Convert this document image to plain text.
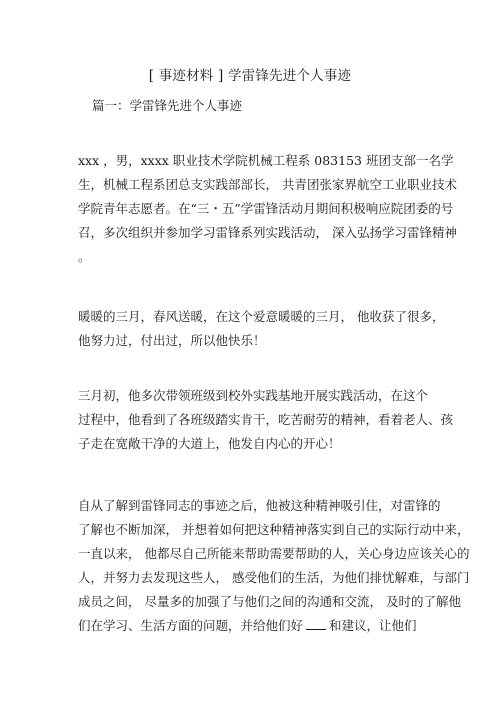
[ 事迹材料 ] 学雷锋先进个人事迹
篇一：学雷锋先进个人事迹
xxx ，男，xxxx 职业技术学院机械工程系 083153 班团支部一名学
生，机械工程系团总支实践部部长， 共青团张家界航空工业职业技术
学院青年志愿者。在“三・五”学雷锋活动月期间积极响应院团委的号
召，多次组织并参加学习雷锋系列实践活动， 深入弘扬学习雷锋精神
。
暖暖的三月，春风送暖，在这个爱意暖暖的三月， 他收获了很多，
他努力过，付出过，所以他快乐！
三月初，他多次带领班级到校外实践基地开展实践活动，在这个
过程中，他看到了各班级踏实肯干，吃苦耐劳的精神，看着老人、孩
子走在宽敞干净的大道上，他发自内心的开心！
自从了解到雷锋同志的事迹之后，他被这种精神吸引住，对雷锋的
了解也不断加深， 并想着如何把这种精神落实到自己的实际行动中来，
一直以来， 他都尽自己所能来帮助需要帮助的人，关心身边应该关心的
人，并努力去发现这些人， 感受他们的生活，为他们排忧解难，与部门
成员之间， 尽量多的加强了与他们之间的沟通和交流， 及时的了解他
们在学习、生活方面的问题，并给他们好 和建议，让他们
